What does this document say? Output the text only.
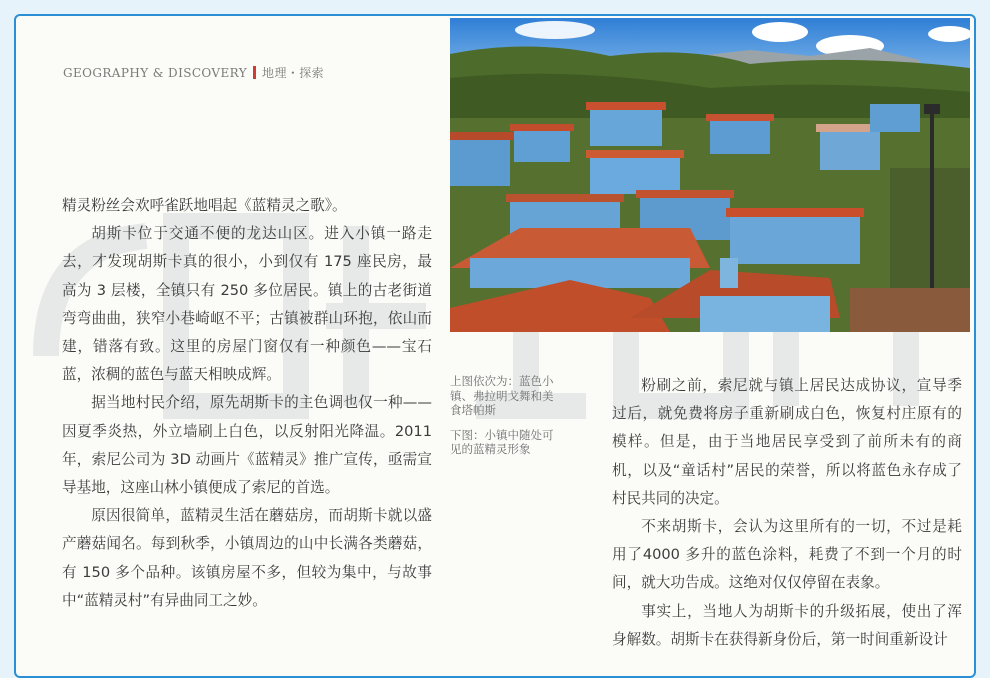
GEOGRAPHY & DISCOVERY 地理・探索

精灵粉丝会欢呼雀跃地唱起《蓝精灵之歌》。

胡斯卡位于交通不便的龙达山区。进入小镇一路走去，才发现胡斯卡真的很小，小到仅有 175 座民房，最高为 3 层楼，全镇只有 250 多位居民。镇上的古老街道弯弯曲曲，狭窄小巷崎岖不平；古镇被群山环抱，依山而建，错落有致。这里的房屋门窗仅有一种颜色——宝石蓝，浓稠的蓝色与蓝天相映成辉。

据当地村民介绍，原先胡斯卡的主色调也仅一种——因夏季炎热，外立墙刷上白色，以反射阳光降温。2011 年，索尼公司为 3D 动画片《蓝精灵》推广宣传，亟需宣导基地，这座山林小镇便成了索尼的首选。

原因很简单，蓝精灵生活在蘑菇房，而胡斯卡就以盛产蘑菇闻名。每到秋季，小镇周边的山中长满各类蘑菇，有 150 多个品种。该镇房屋不多，但较为集中，与故事中“蓝精灵村”有异曲同工之妙。

上图依次为：蓝色小镇、弗拉明戈舞和美食塔帕斯
下图：小镇中随处可见的蓝精灵形象

粉刷之前，索尼就与镇上居民达成协议，宣导季过后，就免费将房子重新刷成白色，恢复村庄原有的模样。但是，由于当地居民享受到了前所未有的商机，以及“童话村”居民的荣誉，所以将蓝色永存成了村民共同的决定。

不来胡斯卡，会认为这里所有的一切，不过是耗用了4000 多升的蓝色涂料，耗费了不到一个月的时间，就大功告成。这绝对仅仅停留在表象。

事实上，当地人为胡斯卡的升级拓展，使出了浑身解数。胡斯卡在获得新身份后，第一时间重新设计
